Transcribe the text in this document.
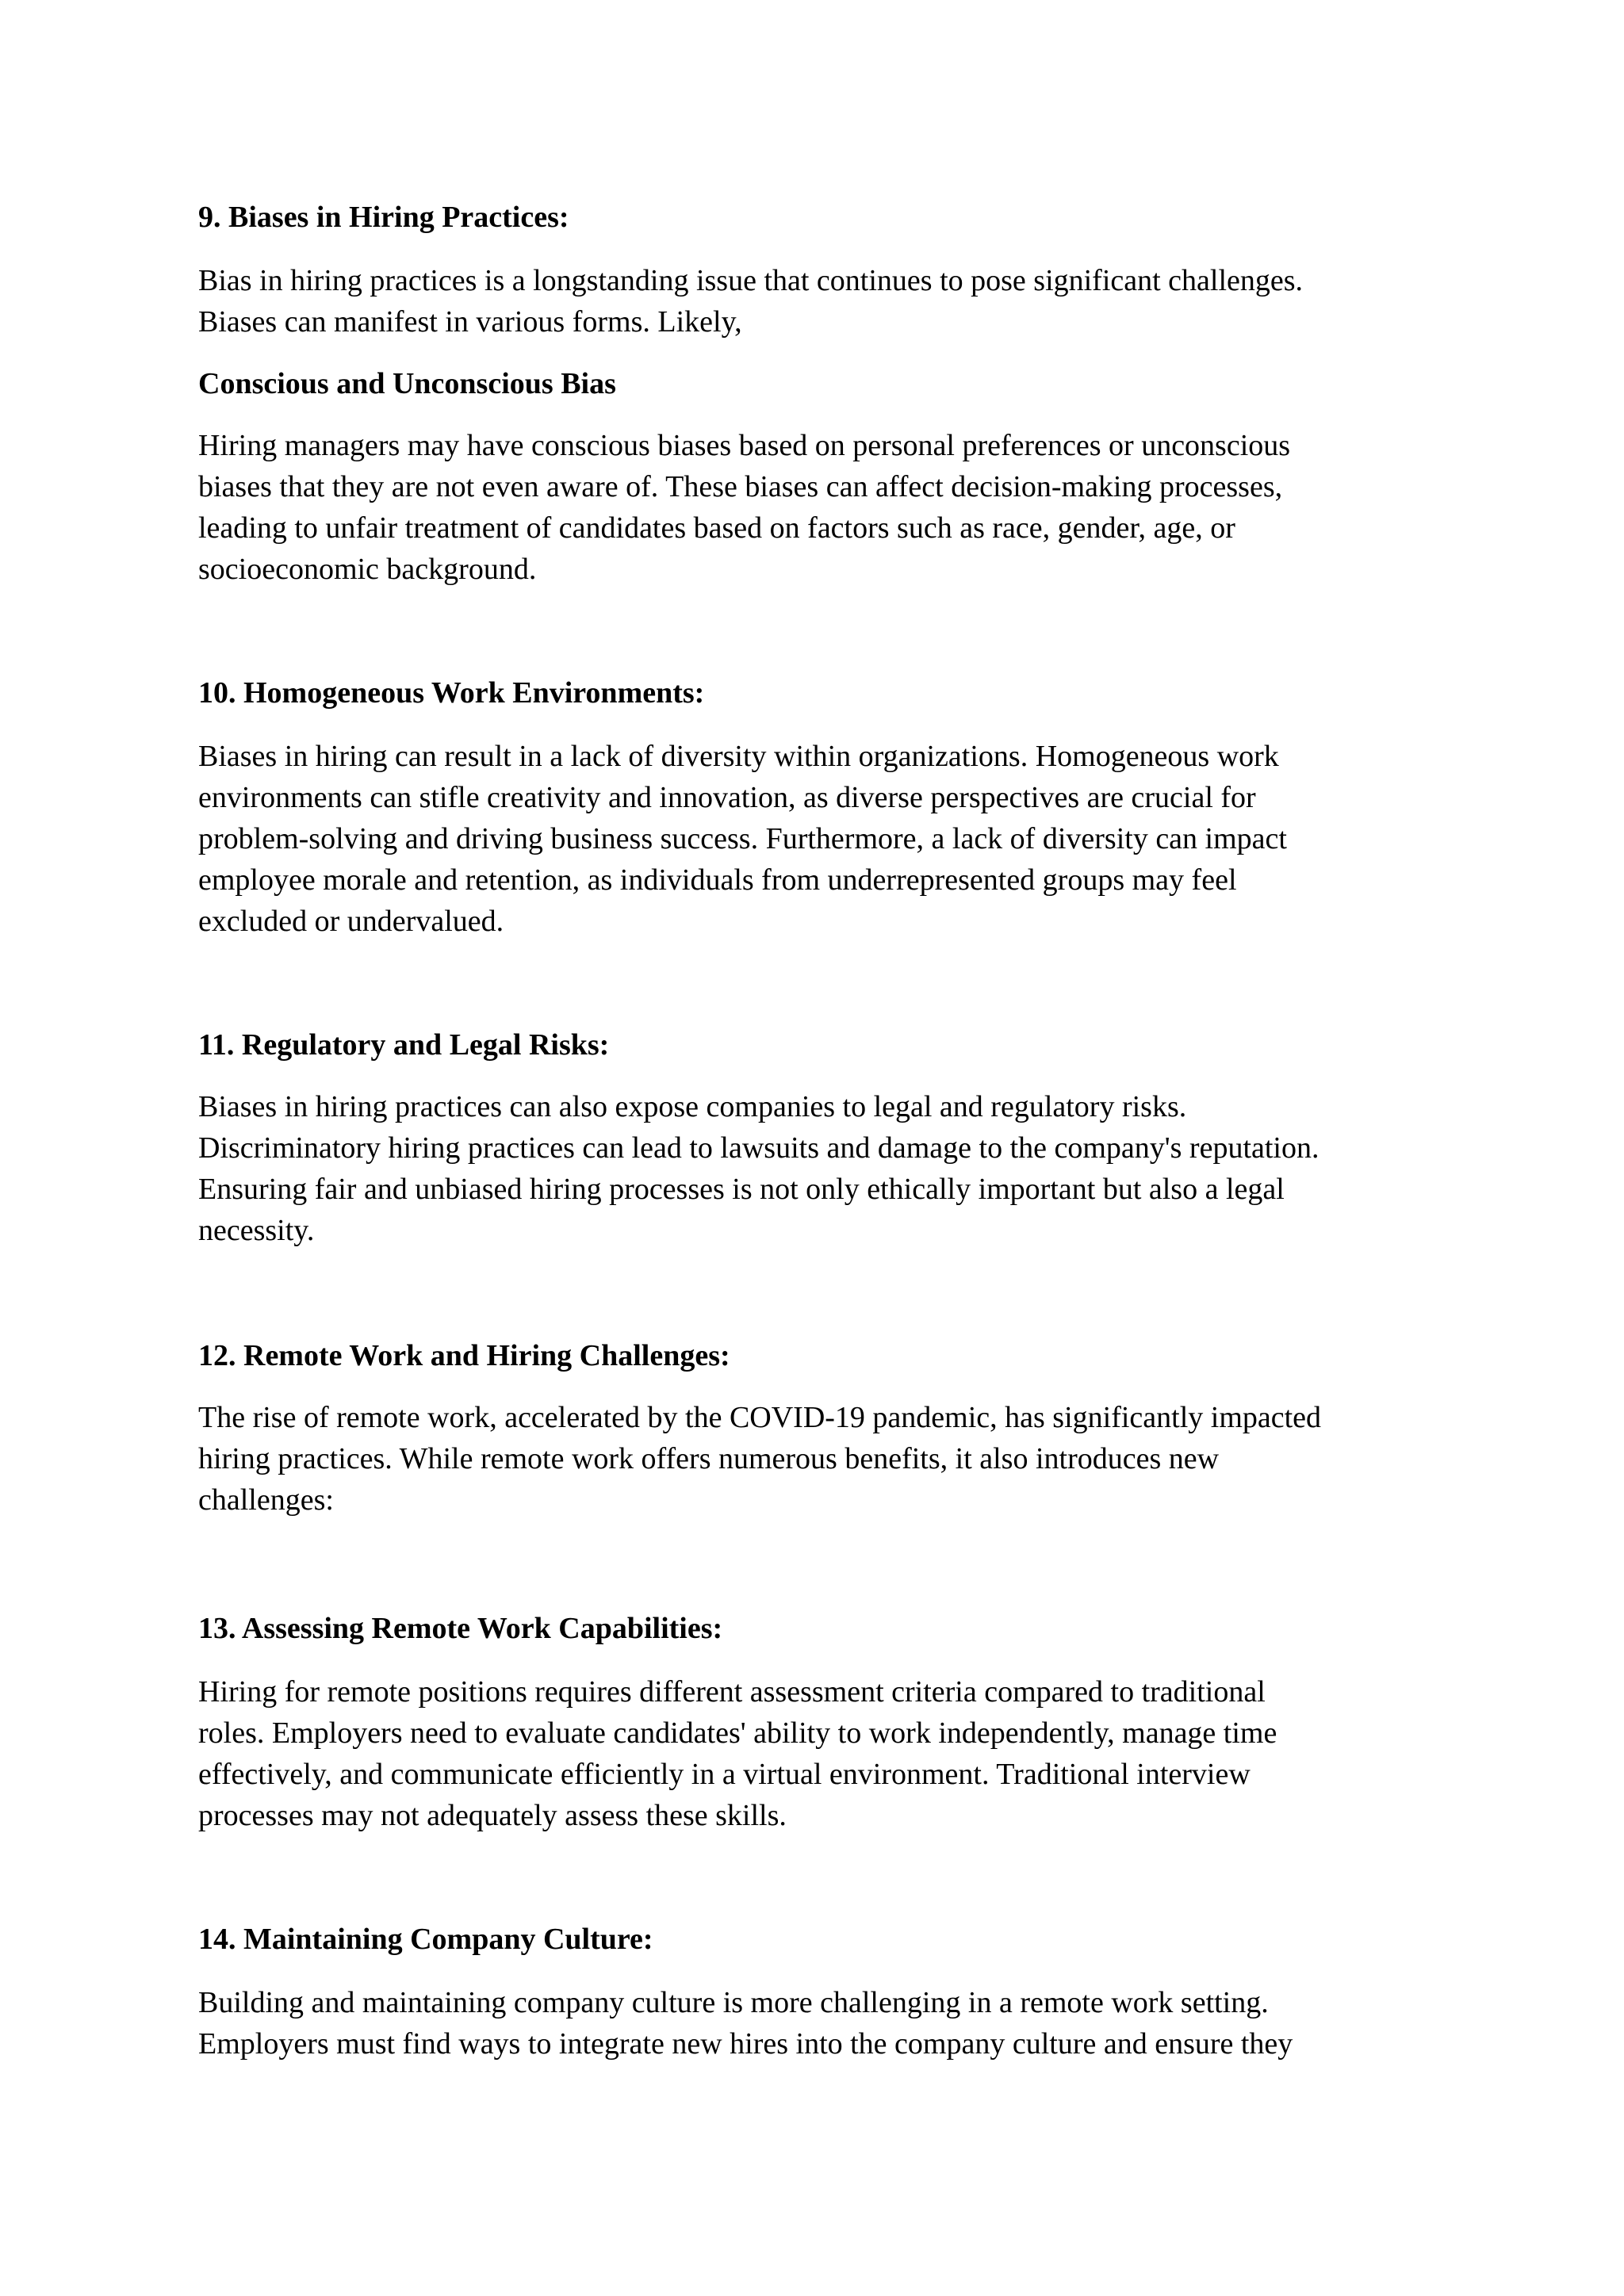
9. Biases in Hiring Practices:

Bias in hiring practices is a longstanding issue that continues to pose significant challenges.
Biases can manifest in various forms. Likely,

Conscious and Unconscious Bias

Hiring managers may have conscious biases based on personal preferences or unconscious
biases that they are not even aware of. These biases can affect decision-making processes,
leading to unfair treatment of candidates based on factors such as race, gender, age, or
socioeconomic background.

10. Homogeneous Work Environments:

Biases in hiring can result in a lack of diversity within organizations. Homogeneous work
environments can stifle creativity and innovation, as diverse perspectives are crucial for
problem-solving and driving business success. Furthermore, a lack of diversity can impact
employee morale and retention, as individuals from underrepresented groups may feel
excluded or undervalued.

11. Regulatory and Legal Risks:

Biases in hiring practices can also expose companies to legal and regulatory risks.
Discriminatory hiring practices can lead to lawsuits and damage to the company's reputation.
Ensuring fair and unbiased hiring processes is not only ethically important but also a legal
necessity.

12. Remote Work and Hiring Challenges:

The rise of remote work, accelerated by the COVID-19 pandemic, has significantly impacted
hiring practices. While remote work offers numerous benefits, it also introduces new
challenges:

13. Assessing Remote Work Capabilities:

Hiring for remote positions requires different assessment criteria compared to traditional
roles. Employers need to evaluate candidates' ability to work independently, manage time
effectively, and communicate efficiently in a virtual environment. Traditional interview
processes may not adequately assess these skills.

14. Maintaining Company Culture:

Building and maintaining company culture is more challenging in a remote work setting.
Employers must find ways to integrate new hires into the company culture and ensure they
